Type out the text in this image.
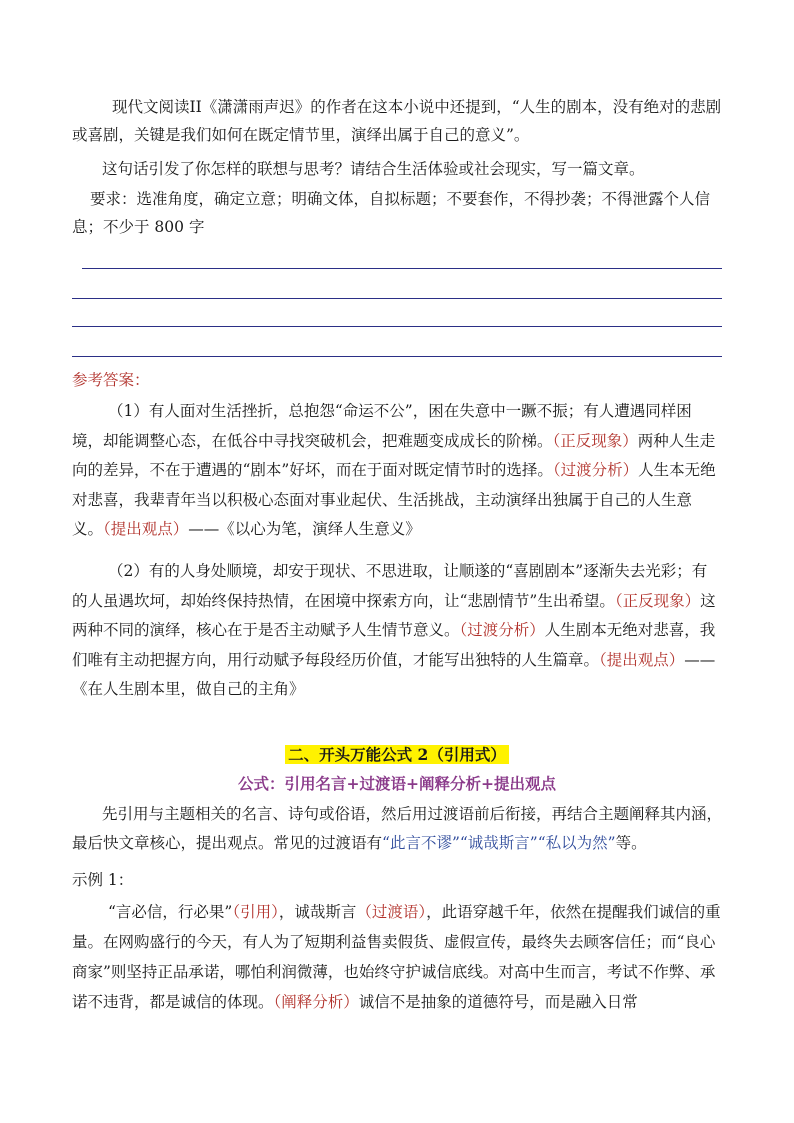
现代文阅读II《潇潇雨声迟》的作者在这本小说中还提到，“人生的剧本，没有绝对的悲剧或喜剧，关键是我们如何在既定情节里，演绎出属于自己的意义”。
这句话引发了你怎样的联想与思考？请结合生活体验或社会现实，写一篇文章。
要求：选准角度，确定立意；明确文体，自拟标题；不要套作，不得抄袭；不得泄露个人信息；不少于 800 字
参考答案：
（1）有人面对生活挫折，总抱怨“命运不公”，困在失意中一蹶不振；有人遭遇同样困境，却能调整心态，在低谷中寻找突破机会，把难题变成成长的阶梯。（正反现象）两种人生走向的差异，不在于遭遇的“剧本”好坏，而在于面对既定情节时的选择。（过渡分析）人生本无绝对悲喜，我辈青年当以积极心态面对事业起伏、生活挑战，主动演绎出独属于自己的人生意义。（提出观点）——《以心为笔，演绎人生意义》
（2）有的人身处顺境，却安于现状、不思进取，让顺遂的“喜剧剧本”逐渐失去光彩；有的人虽遇坎坷，却始终保持热情，在困境中探索方向，让“悲剧情节”生出希望。（正反现象）这两种不同的演绎，核心在于是否主动赋予人生情节意义。（过渡分析）人生剧本无绝对悲喜，我们唯有主动把握方向，用行动赋予每段经历价值，才能写出独特的人生篇章。（提出观点）——《在人生剧本里，做自己的主角》
二、开头万能公式 2（引用式）
公式：引用名言+过渡语+阐释分析+提出观点
先引用与主题相关的名言、诗句或俗语，然后用过渡语前后衔接，再结合主题阐释其内涵，最后快文章核心，提出观点。常见的过渡语有“此言不谬”“诚哉斯言”“私以为然”等。
示例 1：
“言必信，行必果”（引用），诚哉斯言（过渡语），此语穿越千年，依然在提醒我们诚信的重量。在网购盛行的今天，有人为了短期利益售卖假货、虚假宣传，最终失去顾客信任；而“良心商家”则坚持正品承诺，哪怕利润微薄，也始终守护诚信底线。对高中生而言，考试不作弊、承诺不违背，都是诚信的体现。（阐释分析）诚信不是抽象的道德符号，而是融入日常
